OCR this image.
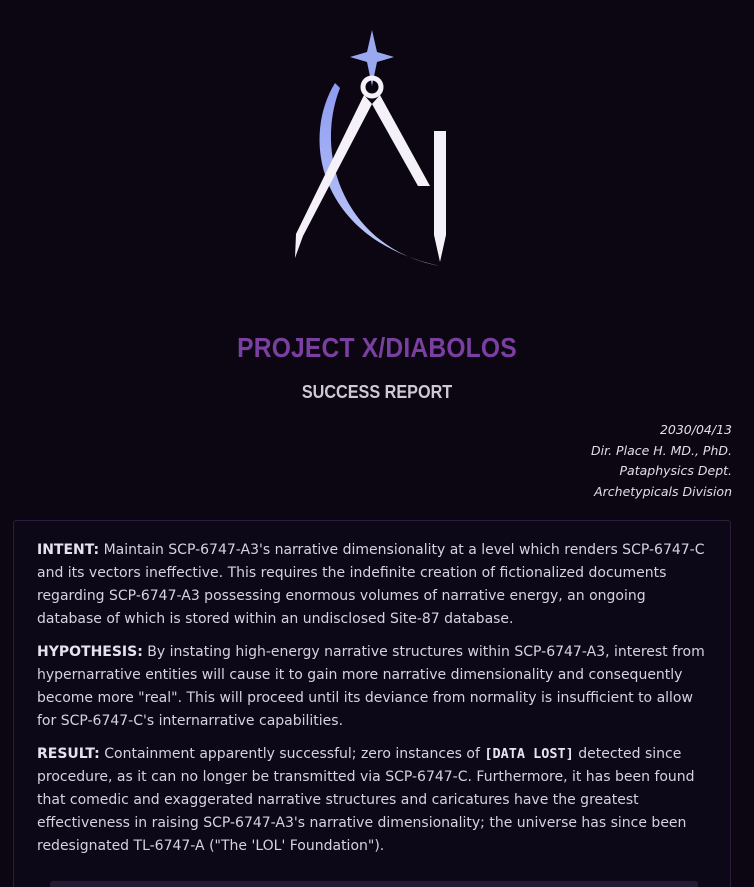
PROJECT X/DIABOLOS
SUCCESS REPORT
2030/04/13
Dir. Place H. MD., PhD.
Pataphysics Dept.
Archetypicals Division

INTENT: Maintain SCP-6747-A3's narrative dimensionality at a level which renders SCP-6747-C and its vectors ineffective. This requires the indefinite creation of fictionalized documents regarding SCP-6747-A3 possessing enormous volumes of narrative energy, an ongoing database of which is stored within an undisclosed Site-87 database.

HYPOTHESIS: By instating high-energy narrative structures within SCP-6747-A3, interest from hypernarrative entities will cause it to gain more narrative dimensionality and consequently become more "real". This will proceed until its deviance from normality is insufficient to allow for SCP-6747-C's internarrative capabilities.

RESULT: Containment apparently successful; zero instances of [DATA LOST] detected since procedure, as it can no longer be transmitted via SCP-6747-C. Furthermore, it has been found that comedic and exaggerated narrative structures and caricatures have the greatest effectiveness in raising SCP-6747-A3's narrative dimensionality; the universe has since been redesignated TL-6747-A ("The 'LOL' Foundation").
